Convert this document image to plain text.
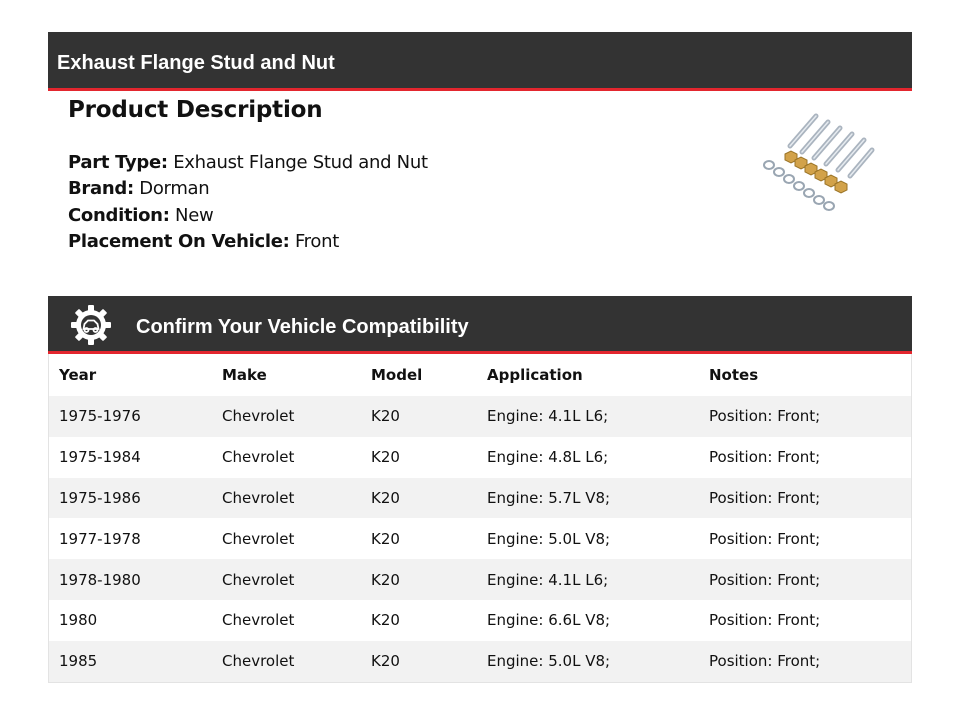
Exhaust Flange Stud and Nut
Product Description
Part Type: Exhaust Flange Stud and Nut
Brand: Dorman
Condition: New
Placement On Vehicle: Front
Confirm Your Vehicle Compatibility
Year	Make	Model	Application	Notes
1975-1976	Chevrolet	K20	Engine: 4.1L L6;	Position: Front;
1975-1984	Chevrolet	K20	Engine: 4.8L L6;	Position: Front;
1975-1986	Chevrolet	K20	Engine: 5.7L V8;	Position: Front;
1977-1978	Chevrolet	K20	Engine: 5.0L V8;	Position: Front;
1978-1980	Chevrolet	K20	Engine: 4.1L L6;	Position: Front;
1980	Chevrolet	K20	Engine: 6.6L V8;	Position: Front;
1985	Chevrolet	K20	Engine: 5.0L V8;	Position: Front;
